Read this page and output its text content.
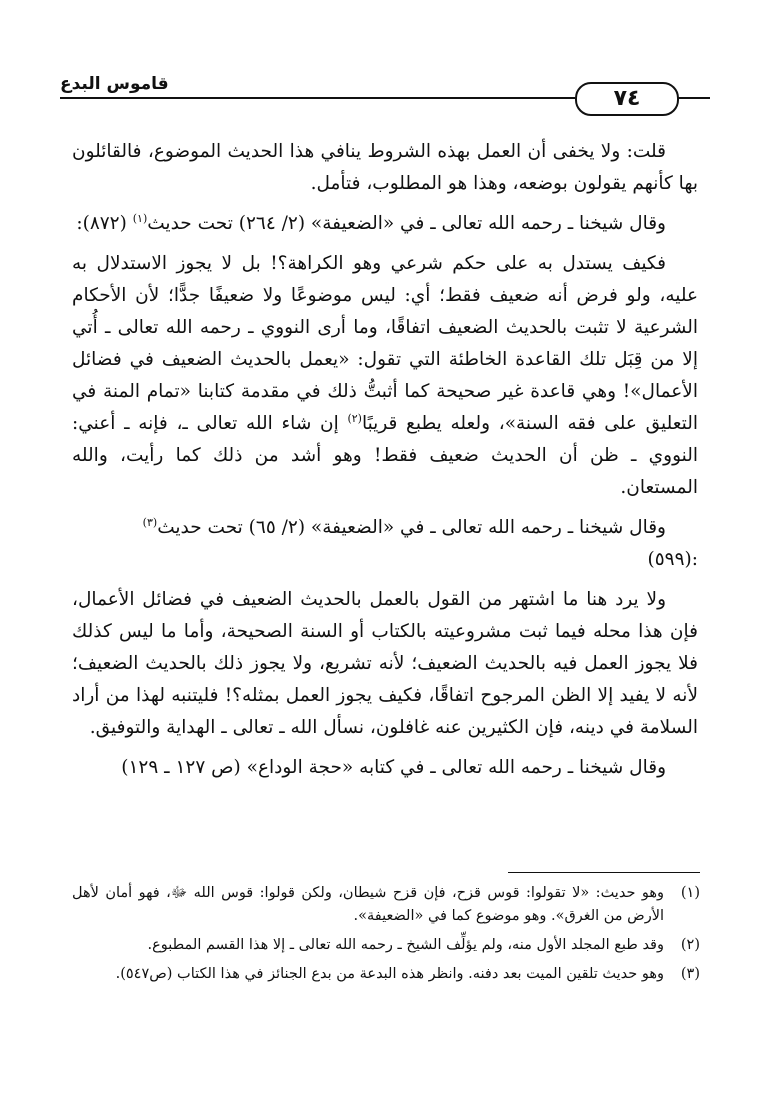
قاموس البدع
٧٤

قلت: ولا يخفى أن العمل بهذه الشروط ينافي هذا الحديث الموضوع، فالقائلون بها كأنهم يقولون بوضعه، وهذا هو المطلوب، فتأمل.

وقال شيخنا ـ رحمه الله تعالى ـ في «الضعيفة» (٢/ ٢٦٤) تحت حديث$^{(١)}$ (٨٧٢):

فكيف يستدل به على حكم شرعي وهو الكراهة؟! بل لا يجوز الاستدلال به عليه، ولو فرض أنه ضعيف فقط؛ أي: ليس موضوعًا ولا ضعيفًا جدًّا؛ لأن الأحكام الشرعية لا تثبت بالحديث الضعيف اتفاقًا، وما أرى النووي ـ رحمه الله تعالى ـ أُتي إلا من قِبَل تلك القاعدة الخاطئة التي تقول: «يعمل بالحديث الضعيف في فضائل الأعمال»! وهي قاعدة غير صحيحة كما أثبتُّ ذلك في مقدمة كتابنا «تمام المنة في التعليق على فقه السنة»، ولعله يطبع قريبًا$^{(٢)}$ إن شاء الله تعالى ـ، فإنه ـ أعني: النووي ـ ظن أن الحديث ضعيف فقط! وهو أشد من ذلك كما رأيت، والله المستعان.

وقال شيخنا ـ رحمه الله تعالى ـ في «الضعيفة» (٢/ ٦٥) تحت حديث$^{(٣)}$
:(٥٩٩)

ولا يرد هنا ما اشتهر من القول بالعمل بالحديث الضعيف في فضائل الأعمال، فإن هذا محله فيما ثبت مشروعيته بالكتاب أو السنة الصحيحة، وأما ما ليس كذلك فلا يجوز العمل فيه بالحديث الضعيف؛ لأنه تشريع، ولا يجوز ذلك بالحديث الضعيف؛ لأنه لا يفيد إلا الظن المرجوح اتفاقًا، فكيف يجوز العمل بمثله؟! فليتنبه لهذا من أراد السلامة في دينه، فإن الكثيرين عنه غافلون، نسأل الله ـ تعالى ـ الهداية والتوفيق.

وقال شيخنا ـ رحمه الله تعالى ـ في كتابه «حجة الوداع» (ص ١٢٧ ـ ١٢٩)

(١)
وهو حديث: «لا تقولوا: قوس قزح، فإن قزح شيطان، ولكن قولوا: قوس الله ﷻ، فهو أمان لأهل الأرض من الغرق». وهو موضوع كما في «الضعيفة».
(٢)
وقد طبع المجلد الأول منه، ولم يؤلِّف الشيخ ـ رحمه الله تعالى ـ إلا هذا القسم المطبوع.
(٣)
وهو حديث تلقين الميت بعد دفنه. وانظر هذه البدعة من بدع الجنائز في هذا الكتاب (ص٥٤٧).
